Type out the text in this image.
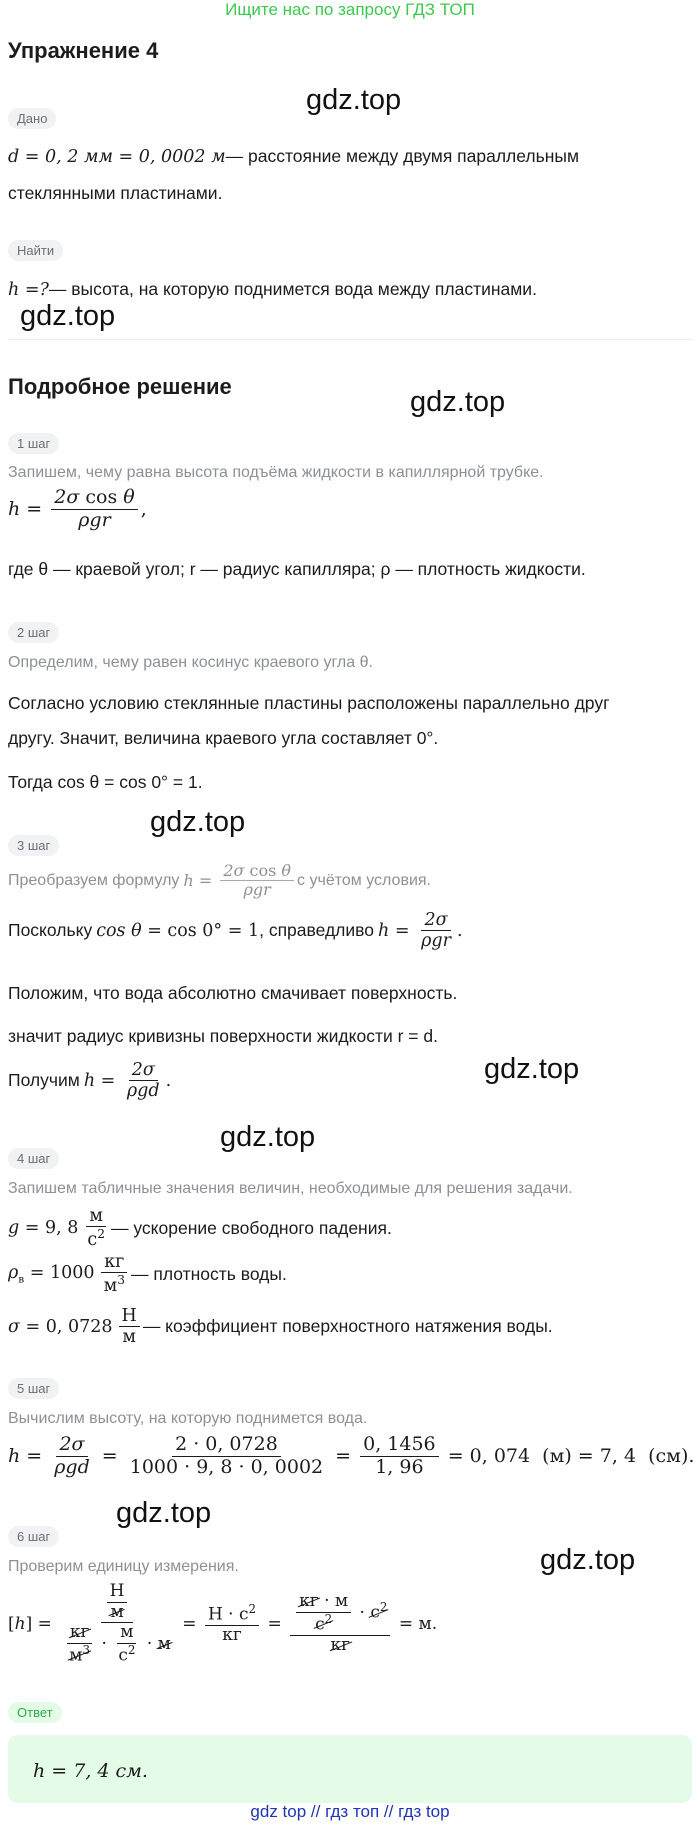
Ищите нас по запросу ГДЗ ТОП
Упражнение 4
gdz.top
Дано
d = 0, 2 мм = 0, 0002 м — расстояние между двумя параллельным
стеклянными пластинами.
Найти
h =? — высота, на которую поднимется вода между пластинами.
gdz.top
Подробное решение	gdz.top
1 шаг
Запишем, чему равна высота подъёма жидкости в капиллярной трубке.
$h = \frac{\text{2σ cos θ}}{\text{ρgr}}$ ,
где θ — краевой угол; r — радиус капилляра; ρ — плотность жидкости.
2 шаг
Определим, чему равен косинус краевого угла θ.
Согласно условию стеклянные пластины расположены параллельно друг
другу. Значит, величина краевого угла составляет 0°.
Тогда cos θ = cos 0° = 1.
gdz.top
3 шаг
Преобразуем формулу $h = \frac{\text{2σ cos θ}}{\text{ρgr}}$ с учётом условия.
Поскольку cos θ = cos 0° = 1 , справедливо $h = \frac{2\sigma}{\text{ρgr}}$ .
Положим, что вода абсолютно смачивает поверхность.
значит радиус кривизны поверхности жидкости r = d.
gdz.top
Получим $h = \frac{2\sigma}{\text{ρgd}}$ .
gdz.top
4 шаг
Запишем табличные значения величин, необходимые для решения задачи.
g = 9, $8 \frac{м}{с^2}$ — ускорение свободного падения.
$\rho_в = 1000 \frac{кг}{м^3}$ — плотность воды.
σ = 0, $0728 \frac{Н}{м}$ — коэффициент поверхностного натяжения воды.
5 шаг
Вычислим высоту, на которую поднимется вода.
$h = \frac{2\sigma}{\text{ρgd}} = \frac{2 \cdot 0, 0728}{1000 \cdot 9, 8 \cdot 0, 0002} = \frac{0, 1456}{1, 96} = 0$, 074  (м) = 7, 4  (см).
gdz.top
6 шаг
Проверим единицу измерения.	gdz.top
$[h] = \frac{\frac{Н}{м}}{\frac{кг}{м^3} \cdot \frac{м}{с^2} \cdot м} = \frac{Н \cdot с^2}{кг} = \frac{\frac{кг \cdot м}{с^2} \cdot с^2}{кг} = м$.
Ответ
h = 7, 4 см.
gdz top // гдз топ // гдз top
